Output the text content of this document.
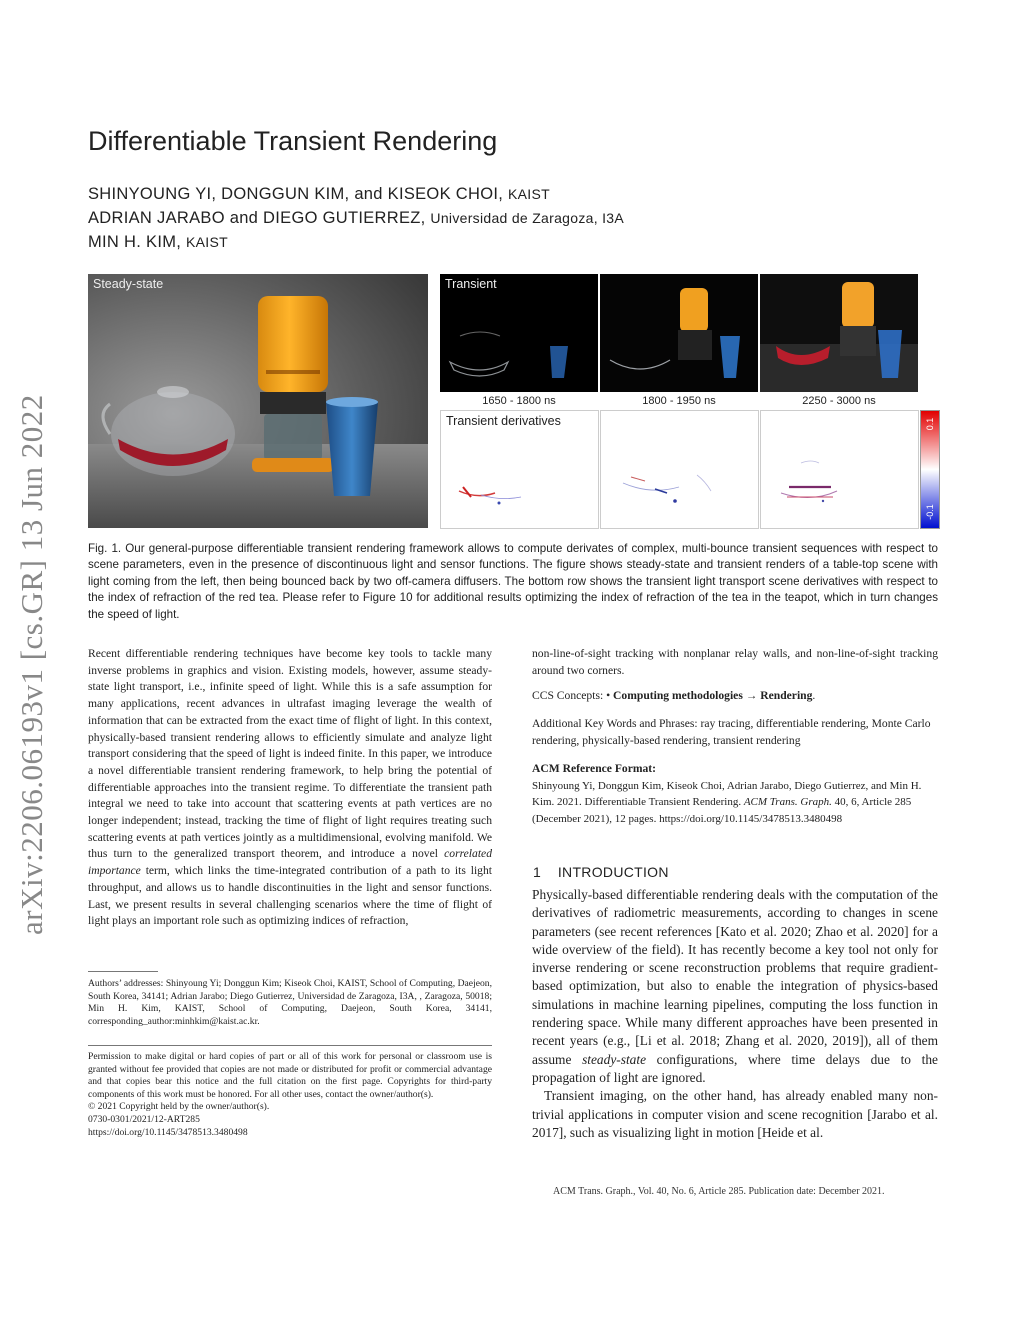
arXiv:2206.06193v1 [cs.GR] 13 Jun 2022
Differentiable Transient Rendering
SHINYOUNG YI, DONGGUN KIM, and KISEOK CHOI, KAIST
ADRIAN JARABO and DIEGO GUTIERREZ, Universidad de Zaragoza, I3A
MIN H. KIM, KAIST
Steady-state	Transient
1650 - 1800 ns	1800 - 1950 ns	2250 - 3000 ns
Transient derivatives	0.1
-0.1
Fig. 1. Our general-purpose differentiable transient rendering framework allows to compute derivates of complex, multi-bounce transient sequences with respect to scene parameters, even in the presence of discontinuous light and sensor functions. The figure shows steady-state and transient renders of a table-top scene with light coming from the left, then being bounced back by two off-camera diffusers. The bottom row shows the transient light transport scene derivatives with respect to the index of refraction of the red tea. Please refer to Figure 10 for additional results optimizing the index of refraction of the tea in the teapot, which in turn changes the speed of light.

Recent differentiable rendering techniques have become key tools to tackle many inverse problems in graphics and vision. Existing models, however, assume steady-state light transport, i.e., infinite speed of light. While this is a safe assumption for many applications, recent advances in ultrafast imaging leverage the wealth of information that can be extracted from the exact time of flight of light. In this context, physically-based transient rendering allows to efficiently simulate and analyze light transport considering that the speed of light is indeed finite. In this paper, we introduce a novel differentiable transient rendering framework, to help bring the potential of differentiable approaches into the transient regime. To differentiate the transient path integral we need to take into account that scattering events at path vertices are no longer independent; instead, tracking the time of flight of light requires treating such scattering events at path vertices jointly as a multidimensional, evolving manifold. We thus turn to the generalized transport theorem, and introduce a novel correlated importance term, which links the time-integrated contribution of a path to its light throughput, and allows us to handle discontinuities in the light and sensor functions. Last, we present results in several challenging scenarios where the time of flight of light plays an important role such as optimizing indices of refraction,

Authors’ addresses: Shinyoung Yi; Donggun Kim; Kiseok Choi, KAIST, School of Computing, Daejeon, South Korea, 34141; Adrian Jarabo; Diego Gutierrez, Universidad de Zaragoza, I3A, , Zaragoza, 50018; Min H. Kim, KAIST, School of Computing, Daejeon, South Korea, 34141, corresponding_author:minhkim@kaist.ac.kr.
Permission to make digital or hard copies of part or all of this work for personal or classroom use is granted without fee provided that copies are not made or distributed for profit or commercial advantage and that copies bear this notice and the full citation on the first page. Copyrights for third-party components of this work must be honored. For all other uses, contact the owner/author(s).
© 2021 Copyright held by the owner/author(s).
0730-0301/2021/12-ART285
https://doi.org/10.1145/3478513.3480498
non-line-of-sight tracking with nonplanar relay walls, and non-line-of-sight tracking around two corners.
CCS Concepts: • Computing methodologies → Rendering.
Additional Key Words and Phrases: ray tracing, differentiable rendering, Monte Carlo rendering, physically-based rendering, transient rendering
ACM Reference Format:
Shinyoung Yi, Donggun Kim, Kiseok Choi, Adrian Jarabo, Diego Gutierrez, and Min H. Kim. 2021. Differentiable Transient Rendering. ACM Trans. Graph. 40, 6, Article 285 (December 2021), 12 pages. https://doi.org/10.1145/3478513.3480498
1 INTRODUCTION

Physically-based differentiable rendering deals with the computation of the derivatives of radiometric measurements, according to changes in scene parameters (see recent references [Kato et al. 2020; Zhao et al. 2020] for a wide overview of the field). It has recently become a key tool not only for inverse rendering or scene reconstruction problems that require gradient-based optimization, but also to enable the integration of physics-based simulations in machine learning pipelines, computing the loss function in rendering space. While many different approaches have been presented in recent years (e.g., [Li et al. 2018; Zhang et al. 2020, 2019]), all of them assume steady-state configurations, where time delays due to the propagation of light are ignored.

Transient imaging, on the other hand, has already enabled many non-trivial applications in computer vision and scene recognition [Jarabo et al. 2017], such as visualizing light in motion [Heide et al.

ACM Trans. Graph., Vol. 40, No. 6, Article 285. Publication date: December 2021.
